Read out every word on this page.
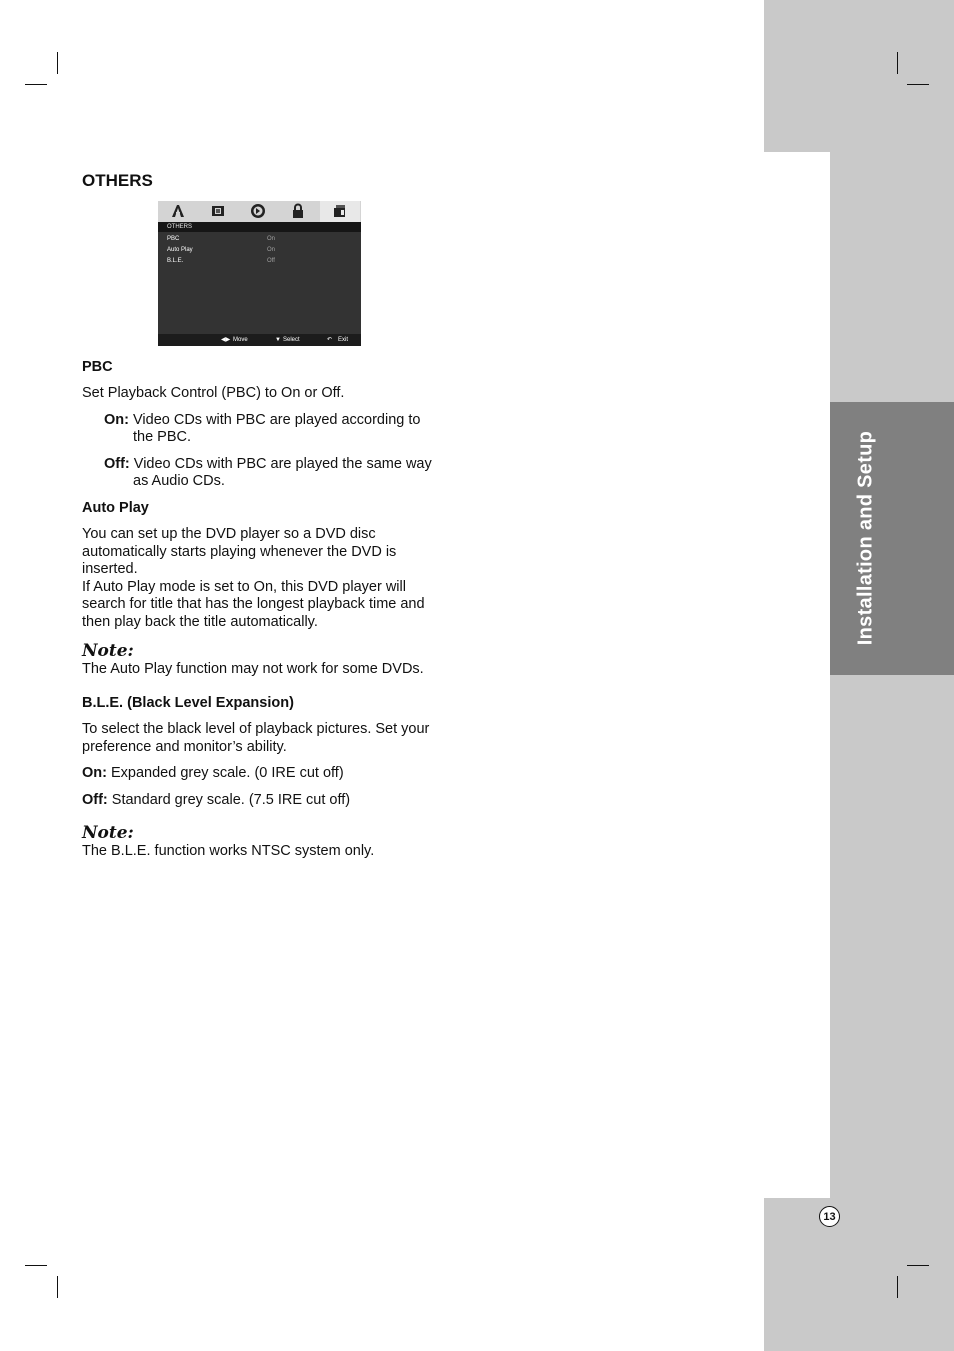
Installation and Setup
13
OTHERS
OTHERS
PBC	On
Auto Play	On
B.L.E.	Off
◀▶ Move	▼ Select	↶ Exit

PBC

Set Playback Control (PBC) to On or Off.

On: Video CDs with PBC are played according to the PBC.

Off: Video CDs with PBC are played the same way as Audio CDs.

Auto Play

You can set up the DVD player so a DVD disc automatically starts playing whenever the DVD is inserted.

If Auto Play mode is set to On, this DVD player will search for title that has the longest playback time and then play back the title automatically.

Note:

The Auto Play function may not work for some DVDs.

B.L.E. (Black Level Expansion)

To select the black level of playback pictures. Set your preference and monitor’s ability.

On: Expanded grey scale. (0 IRE cut off)

Off: Standard grey scale. (7.5 IRE cut off)

Note:

The B.L.E. function works NTSC system only.
